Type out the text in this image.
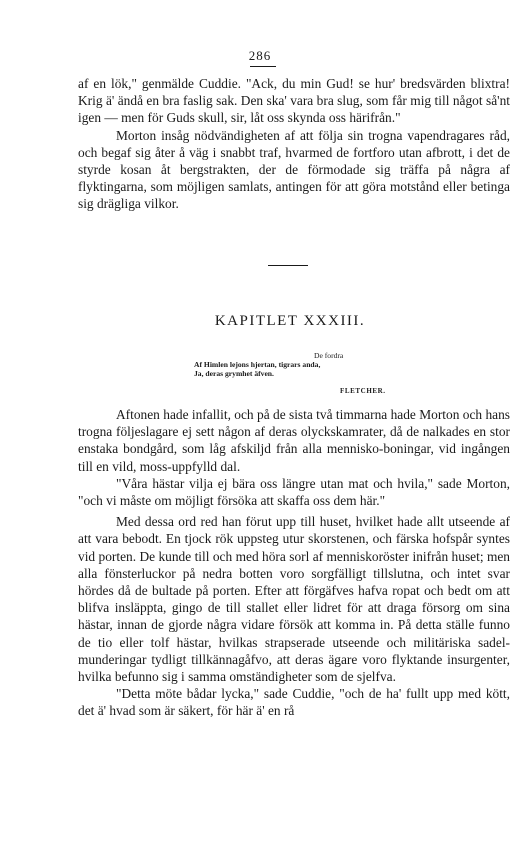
286

af en lök," genmälde Cuddie. "Ack, du min Gud! se hur' bredsvärden blixtra! Krig ä' ändå en bra faslig sak. Den ska' vara bra slug, som får mig till något så'nt igen — men för Guds skull, sir, låt oss skynda oss härifrån."

Morton insåg nödvändigheten af att följa sin trogna vapendragares råd, och begaf sig åter å väg i snabbt traf, hvarmed de fortforo utan afbrott, i det de styrde kosan åt bergstrakten, der de förmodade sig träffa på några af flyktingarna, som möjligen samlats, antingen för att göra motstånd eller betinga sig drägliga vilkor.

KAPITLET XXXIII.
De fordra
Af Himlen lejons hjertan, tigrars anda,
Ja, deras grymhet äfven.
FLETCHER.

Aftonen hade infallit, och på de sista två timmarna hade Morton och hans trogna följeslagare ej sett någon af deras olyckskamrater, då de nalkades en stor enstaka bondgård, som låg afskiljd från alla mennisko-boningar, vid ingången till en vild, moss-uppfylld dal.

"Våra hästar vilja ej bära oss längre utan mat och hvila," sade Morton, "och vi måste om möjligt försöka att skaffa oss dem här."

Med dessa ord red han förut upp till huset, hvilket hade allt utseende af att vara bebodt. En tjock rök uppsteg utur skorstenen, och färska hofspår syntes vid porten. De kunde till och med höra sorl af menniskoröster inifrån huset; men alla fönsterluckor på nedra botten voro sorgfälligt tillslutna, och intet svar hördes då de bultade på porten. Efter att förgäfves hafva ropat och bedt om att blifva insläppta, gingo de till stallet eller lidret för att draga försorg om sina hästar, innan de gjorde några vidare försök att komma in. På detta ställe funno de tio eller tolf hästar, hvilkas strapserade utseende och militäriska sadel-munderingar tydligt tillkännagåfvo, att deras ägare voro flyktande insurgenter, hvilka befunno sig i samma omständigheter som de sjelfva.

"Detta möte bådar lycka," sade Cuddie, "och de ha' fullt upp med kött, det ä' hvad som är säkert, för här ä' en rå
